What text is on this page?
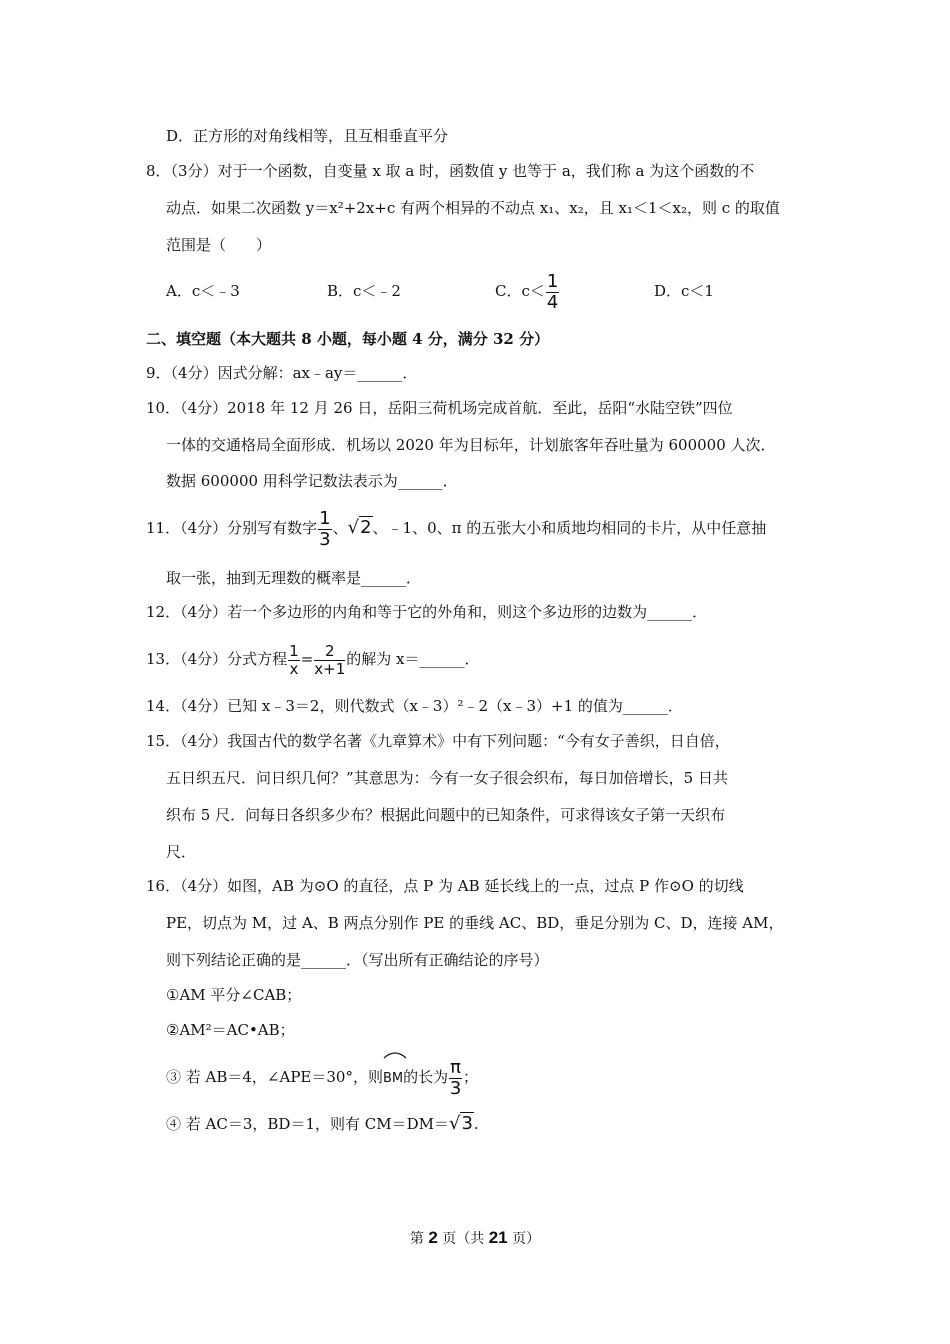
D．正方形的对角线相等，且互相垂直平分
8．（3分）对于一个函数，自变量 x 取 a 时，函数值 y 也等于 a，我们称 a 为这个函数的不
动点．如果二次函数 y＝x²+2x+c 有两个相异的不动点 x₁、x₂，且 x₁＜1＜x₂，则 c 的取值
范围是（　　）
A．c＜﹣3	B．c＜﹣2	C．$c< \frac{1}{4}$	D．c＜1
二、填空题（本大题共 8 小题，每小题 4 分，满分 32 分）
9．（4分）因式分解：ax﹣ay＝______．
10．（4分）2018 年 12 月 26 日，岳阳三荷机场完成首航．至此，岳阳“水陆空铁”四位
一体的交通格局全面形成．机场以 2020 年为目标年，计划旅客年吞吐量为 600000 人次．
数据 600000 用科学记数法表示为______．
11．（4分）分别写有数字 $\frac{1}{3}$ 、√2、﹣1、0、π 的五张大小和质地均相同的卡片，从中任意抽
取一张，抽到无理数的概率是______．
12．（4分）若一个多边形的内角和等于它的外角和，则这个多边形的边数为______．
13．（4分）分式方程 $\frac{1}{x} = \frac{2}{x+1}$ 的解为 x＝______．
14．（4分）已知 x﹣3＝2，则代数式（x﹣3）²﹣2（x﹣3）+1 的值为______．
15．（4分）我国古代的数学名著《九章算术》中有下列问题：“今有女子善织，日自倍，
五日织五尺．问日织几何？”其意思为：今有一女子很会织布，每日加倍增长，5 日共
织布 5 尺．问每日各织多少布？根据此问题中的已知条件，可求得该女子第一天织布
尺．
16．（4分）如图，AB 为⊙O 的直径，点 P 为 AB 延长线上的一点，过点 P 作⊙O 的切线
PE，切点为 M，过 A、B 两点分别作 PE 的垂线 AC、BD，垂足分别为 C、D，连接 AM，
则下列结论正确的是______．（写出所有正确结论的序号）
①AM 平分∠CAB；
②AM²＝AC•AB；
③ 若 AB＝4，∠APE＝30°，则
BM的长为 $\frac{\pi}{3}$ ；
④ 若 AC＝3，BD＝1，则有 CM＝DM＝√3.
第 2 页（共 21 页）
